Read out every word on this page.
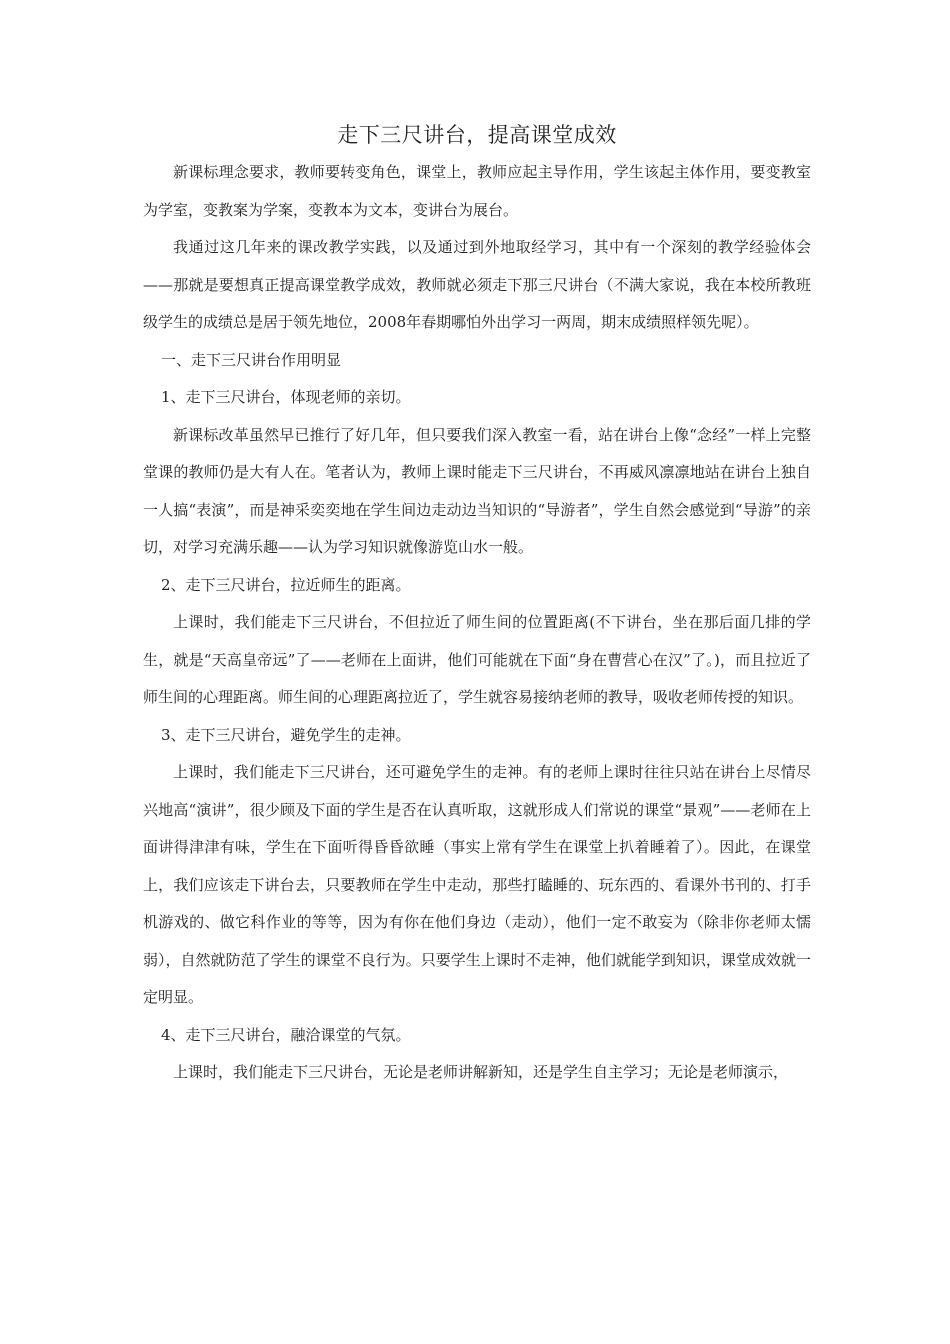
走下三尺讲台，提高课堂成效

新课标理念要求，教师要转变角色，课堂上，教师应起主导作用，学生该起主体作用，要变教室为学室，变教案为学案，变教本为文本，变讲台为展台。

我通过这几年来的课改教学实践，以及通过到外地取经学习，其中有一个深刻的教学经验体会——那就是要想真正提高课堂教学成效，教师就必须走下那三尺讲台（不满大家说，我在本校所教班级学生的成绩总是居于领先地位，2008年春期哪怕外出学习一两周，期末成绩照样领先呢）。

一、走下三尺讲台作用明显

1、走下三尺讲台，体现老师的亲切。

新课标改革虽然早已推行了好几年，但只要我们深入教室一看，站在讲台上像“念经”一样上完整堂课的教师仍是大有人在。笔者认为，教师上课时能走下三尺讲台，不再威风凛凛地站在讲台上独自一人搞“表演”，而是神采奕奕地在学生间边走动边当知识的“导游者”，学生自然会感觉到“导游”的亲切，对学习充满乐趣——认为学习知识就像游览山水一般。

2、走下三尺讲台，拉近师生的距离。

上课时，我们能走下三尺讲台，不但拉近了师生间的位置距离(不下讲台，坐在那后面几排的学生，就是“天高皇帝远”了——老师在上面讲，他们可能就在下面“身在曹营心在汉”了。)，而且拉近了师生间的心理距离。师生间的心理距离拉近了，学生就容易接纳老师的教导，吸收老师传授的知识。

3、走下三尺讲台，避免学生的走神。

上课时，我们能走下三尺讲台，还可避免学生的走神。有的老师上课时往往只站在讲台上尽情尽兴地高“演讲”，很少顾及下面的学生是否在认真听取，这就形成人们常说的课堂“景观”——老师在上面讲得津津有味，学生在下面听得昏昏欲睡（事实上常有学生在课堂上扒着睡着了）。因此，在课堂上，我们应该走下讲台去，只要教师在学生中走动，那些打瞌睡的、玩东西的、看课外书刊的、打手机游戏的、做它科作业的等等，因为有你在他们身边（走动），他们一定不敢妄为（除非你老师太懦弱），自然就防范了学生的课堂不良行为。只要学生上课时不走神，他们就能学到知识，课堂成效就一定明显。

4、走下三尺讲台，融洽课堂的气氛。

上课时，我们能走下三尺讲台，无论是老师讲解新知，还是学生自主学习；无论是老师演示，
